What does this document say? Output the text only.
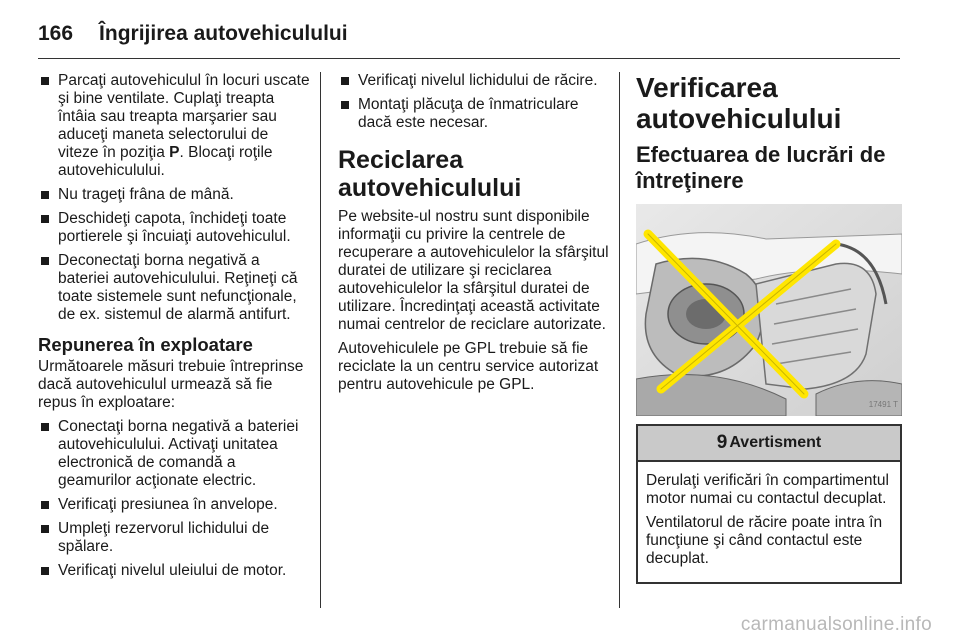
166 Îngrijirea autovehiculului
Parcaţi autovehiculul în locuri uscate şi bine ventilate. Cuplaţi treapta întâia sau treapta marşarier sau aduceţi maneta selectorului de viteze în poziţia P. Blocaţi roţile autovehiculului.
Nu trageţi frâna de mână.
Deschideţi capota, închideţi toate portierele şi încuiaţi autovehiculul.
Deconectaţi borna negativă a bateriei autovehiculului. Reţineţi că toate sistemele sunt nefuncţionale, de ex. sistemul de alarmă antifurt.
Repunerea în exploatare

Următoarele măsuri trebuie întreprinse dacă autovehiculul urmează să fie repus în exploatare:

Conectaţi borna negativă a bateriei autovehiculului. Activaţi unitatea electronică de comandă a geamurilor acţionate electric.
Verificaţi presiunea în anvelope.
Umpleţi rezervorul lichidului de spălare.
Verificaţi nivelul uleiului de motor.
Verificaţi nivelul lichidului de răcire.
Montaţi plăcuţa de înmatriculare dacă este necesar.
Reciclarea autovehiculului

Pe website-ul nostru sunt disponibile informaţii cu privire la centrele de recuperare a autovehiculelor la sfârşitul duratei de utilizare şi reciclarea autovehiculelor la sfârşitul duratei de utilizare. Încredinţaţi această activitate numai centrelor de reciclare autorizate.

Autovehiculele pe GPL trebuie să fie reciclate la un centru service autorizat pentru autovehicule pe GPL.

Verificarea autovehiculului
Efectuarea de lucrări de întreţinere
17491 T
9 Avertisment

Derulaţi verificări în compartimentul motor numai cu contactul decuplat.

Ventilatorul de răcire poate intra în funcţiune şi când contactul este decuplat.

carmanualsonline.info
